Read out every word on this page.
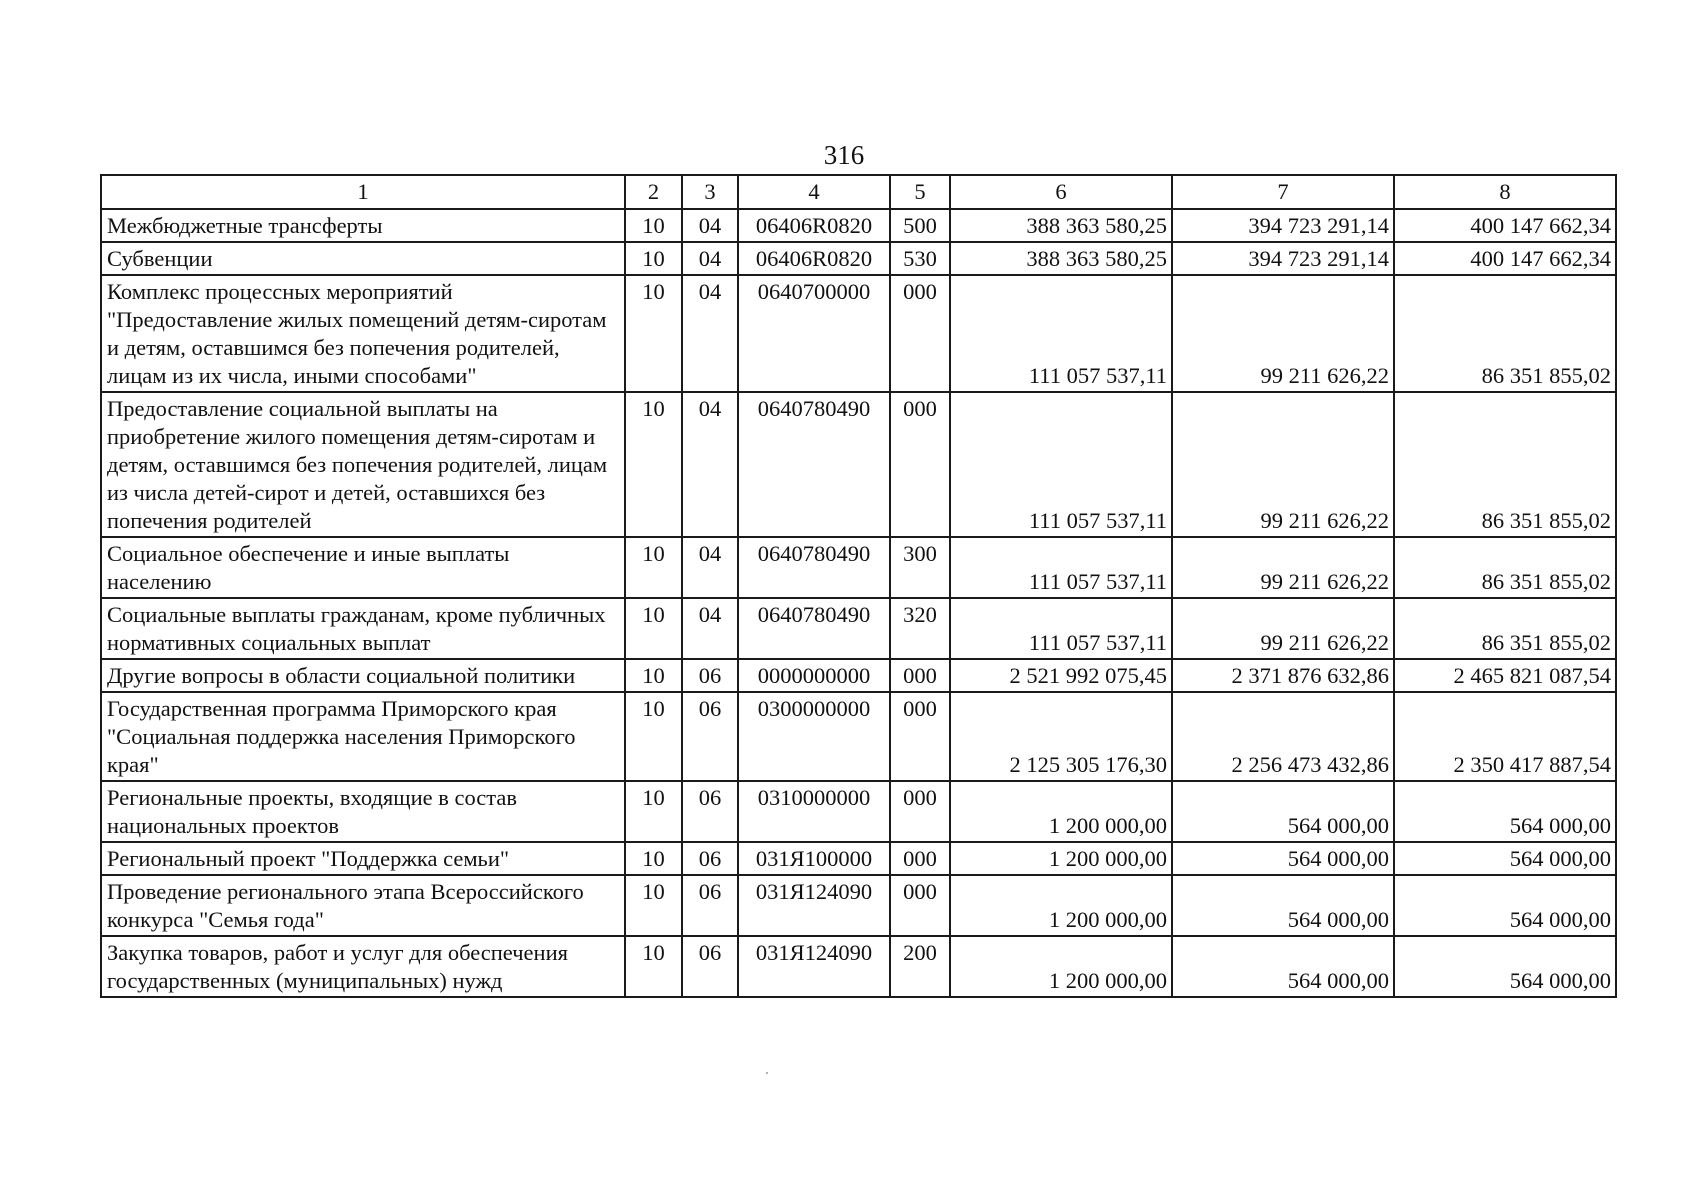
316
1	2	3	4	5	6	7	8
Межбюджетные трансферты	10	04	06406R0820	500	388 363 580,25	394 723 291,14	400 147 662,34
Субвенции	10	04	06406R0820	530	388 363 580,25	394 723 291,14	400 147 662,34
Комплекс процессных мероприятий "Предоставление жилых помещений детям-сиротам и детям, оставшимся без попечения родителей, лицам из их числа, иными способами"	10	04	0640700000	000	111 057 537,11	99 211 626,22	86 351 855,02
Предоставление социальной выплаты на приобретение жилого помещения детям-сиротам и детям, оставшимся без попечения родителей, лицам из числа детей-сирот и детей, оставшихся без попечения родителей	10	04	0640780490	000	111 057 537,11	99 211 626,22	86 351 855,02
Социальное обеспечение и иные выплаты населению	10	04	0640780490	300	111 057 537,11	99 211 626,22	86 351 855,02
Социальные выплаты гражданам, кроме публичных нормативных социальных выплат	10	04	0640780490	320	111 057 537,11	99 211 626,22	86 351 855,02
Другие вопросы в области социальной политики	10	06	0000000000	000	2 521 992 075,45	2 371 876 632,86	2 465 821 087,54
Государственная программа Приморского края "Социальная поддержка населения Приморского края"	10	06	0300000000	000	2 125 305 176,30	2 256 473 432,86	2 350 417 887,54
Региональные проекты, входящие в состав национальных проектов	10	06	0310000000	000	1 200 000,00	564 000,00	564 000,00
Региональный проект "Поддержка семьи"	10	06	031Я100000	000	1 200 000,00	564 000,00	564 000,00
Проведение регионального этапа Всероссийского конкурса "Семья года"	10	06	031Я124090	000	1 200 000,00	564 000,00	564 000,00
Закупка товаров, работ и услуг для обеспечения государственных (муниципальных) нужд	10	06	031Я124090	200	1 200 000,00	564 000,00	564 000,00
